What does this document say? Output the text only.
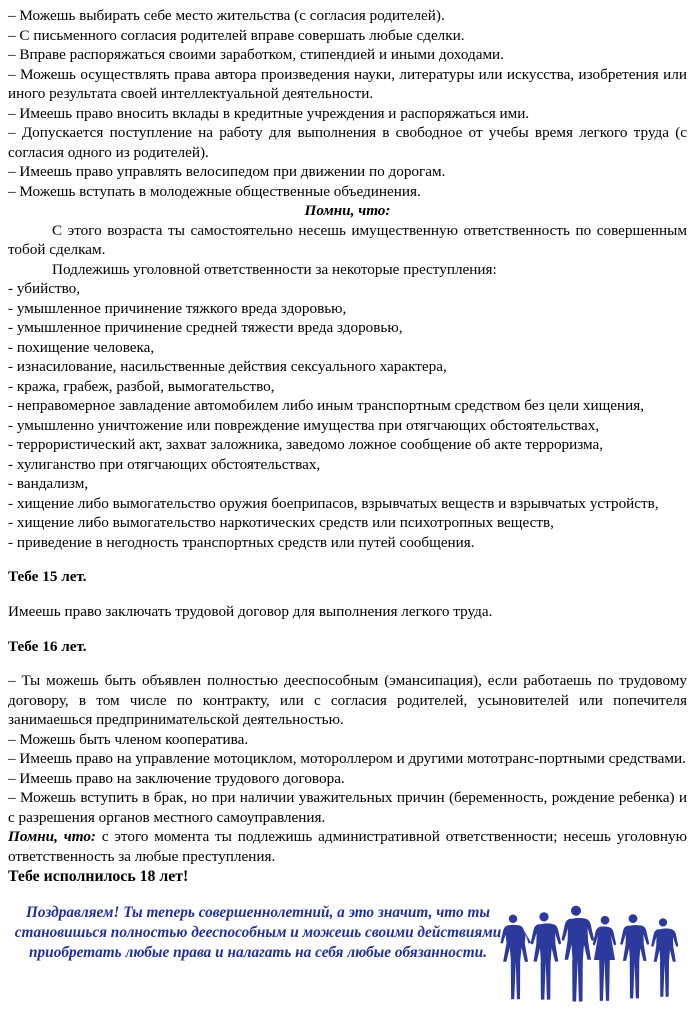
– Можешь выбирать себе место жительства (с согласия родителей).

– С письменного согласия родителей вправе совершать любые сделки.

– Вправе распоряжаться своими заработком, стипендией и иными доходами.

– Можешь осуществлять права автора произведения науки, литературы или искусства, изобретения или иного результата своей интеллектуальной деятельности.

– Имеешь право вносить вклады в кредитные учреждения и распоряжаться ими.

– Допускается поступление на работу для выполнения в свободное от учебы время легкого труда (с согласия одного из родителей).

– Имеешь право управлять велосипедом при движении по дорогам.

– Можешь вступать в молодежные общественные объединения.

Помни, что:

С этого возраста ты самостоятельно несешь имущественную ответственность по совершенным тобой сделкам.

Подлежишь уголовной ответственности за некоторые преступления:

- убийство,

- умышленное причинение тяжкого вреда здоровью,

- умышленное причинение средней тяжести вреда здоровью,

- похищение человека,

- изнасилование, насильственные действия сексуального характера,

- кража, грабеж, разбой, вымогательство,

- неправомерное завладение автомобилем либо иным транспортным средством без цели хищения,

- умышленно уничтожение или повреждение имущества при отягчающих обстоятельствах,

- террористический акт, захват заложника, заведомо ложное сообщение об акте терроризма,

- хулиганство при отягчающих обстоятельствах,

- вандализм,

- хищение либо вымогательство оружия боеприпасов, взрывчатых веществ и взрывчатых устройств,

- хищение либо вымогательство наркотических средств или психотропных веществ,

- приведение в негодность транспортных средств или путей сообщения.

Тебе 15 лет.

Имеешь право заключать трудовой договор для выполнения легкого труда.

Тебе 16 лет.

– Ты можешь быть объявлен полностью дееспособным (эмансипация), если работаешь по трудовому договору, в том числе по контракту, или с согласия родителей, усыновителей или попечителя занимаешься предпринимательской деятельностью.

– Можешь быть членом кооператива.

– Имеешь право на управление мотоциклом, мотороллером и другими мототранс-портными средствами.

– Имеешь право на заключение трудового договора.

– Можешь вступить в брак, но при наличии уважительных причин (беременность, рождение ребенка) и с разрешения органов местного самоуправления.

Помни, что: с этого момента ты подлежишь административной ответственности; несешь уголовную ответственность за любые преступления.

Тебе исполнилось 18 лет!

Поздравляем! Ты теперь совершеннолетний, а это значит, что ты становишься полностью дееспособным и можешь своими действиями приобретать любые права и налагать на себя любые обязанности.
